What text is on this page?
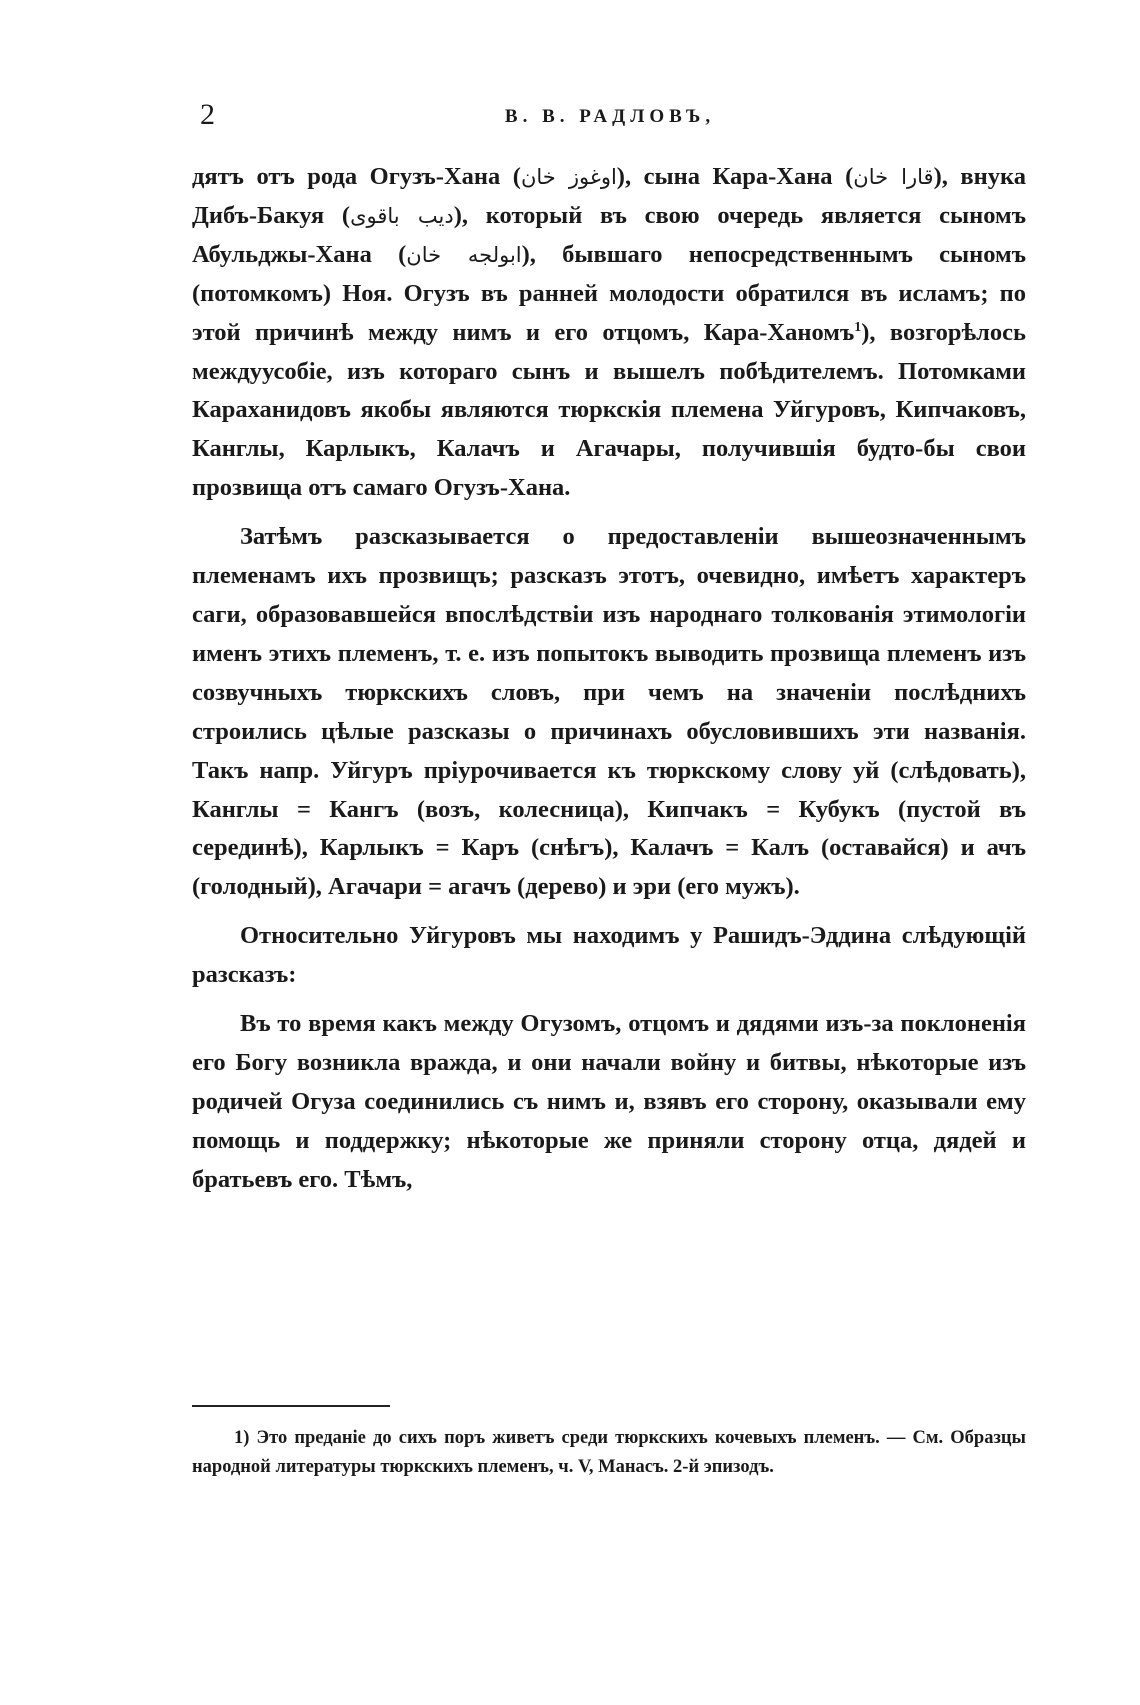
2	В. В. РАДЛОВЪ,

дятъ отъ рода Огузъ-Хана (اوغوز خان), сына Кара-Хана (قارا خان), внука Дибъ-Бакуя (دیب باقوی), который въ свою очередь является сыномъ Абульджы-Хана (ابولجه خان), бывшаго непосредственнымъ сыномъ (потомкомъ) Ноя. Огузъ въ ранней молодости обратился въ исламъ; по этой причинѣ между нимъ и его отцомъ, Кара-Ханомъ$^1$), возгорѣлось междуусобіе, изъ котораго сынъ и вышелъ побѣдителемъ. Потомками Караханидовъ якобы являются тюркскія племена Уйгуровъ, Кипчаковъ, Канглы, Карлыкъ, Калачъ и Агачары, получившія будто-бы свои прозвища отъ самаго Огузъ-Хана.

Затѣмъ разсказывается о предоставленіи вышеозначеннымъ племенамъ ихъ прозвищъ; разсказъ этотъ, очевидно, имѣетъ характеръ саги, образовавшейся впослѣдствіи изъ народнаго толкованія этимологіи именъ этихъ племенъ, т. е. изъ попытокъ выводить прозвища племенъ изъ созвучныхъ тюркскихъ словъ, при чемъ на значеніи послѣднихъ строились цѣлые разсказы о причинахъ обусловившихъ эти названія. Такъ напр. Уйгуръ пріурочивается къ тюркскому слову уй (слѣдовать), Канглы = Кангъ (возъ, колесница), Кипчакъ = Кубукъ (пустой въ серединѣ), Карлыкъ = Каръ (снѣгъ), Калачъ = Калъ (оставайся) и ачъ (голодный), Агачари = агачъ (дерево) и эри (его мужъ).

Относительно Уйгуровъ мы находимъ у Рашидъ-Эддина слѣдующій разсказъ:

Въ то время какъ между Огузомъ, отцомъ и дядями изъ-за поклоненія его Богу возникла вражда, и они начали войну и битвы, нѣкоторые изъ родичей Огуза соединились съ нимъ и, взявъ его сторону, оказывали ему помощь и поддержку; нѣкоторые же приняли сторону отца, дядей и братьевъ его. Тѣмъ,

1) Это преданіе до сихъ поръ живетъ среди тюркскихъ кочевыхъ племенъ. — См. Образцы народной литературы тюркскихъ племенъ, ч. V, Манасъ. 2-й эпизодъ.
